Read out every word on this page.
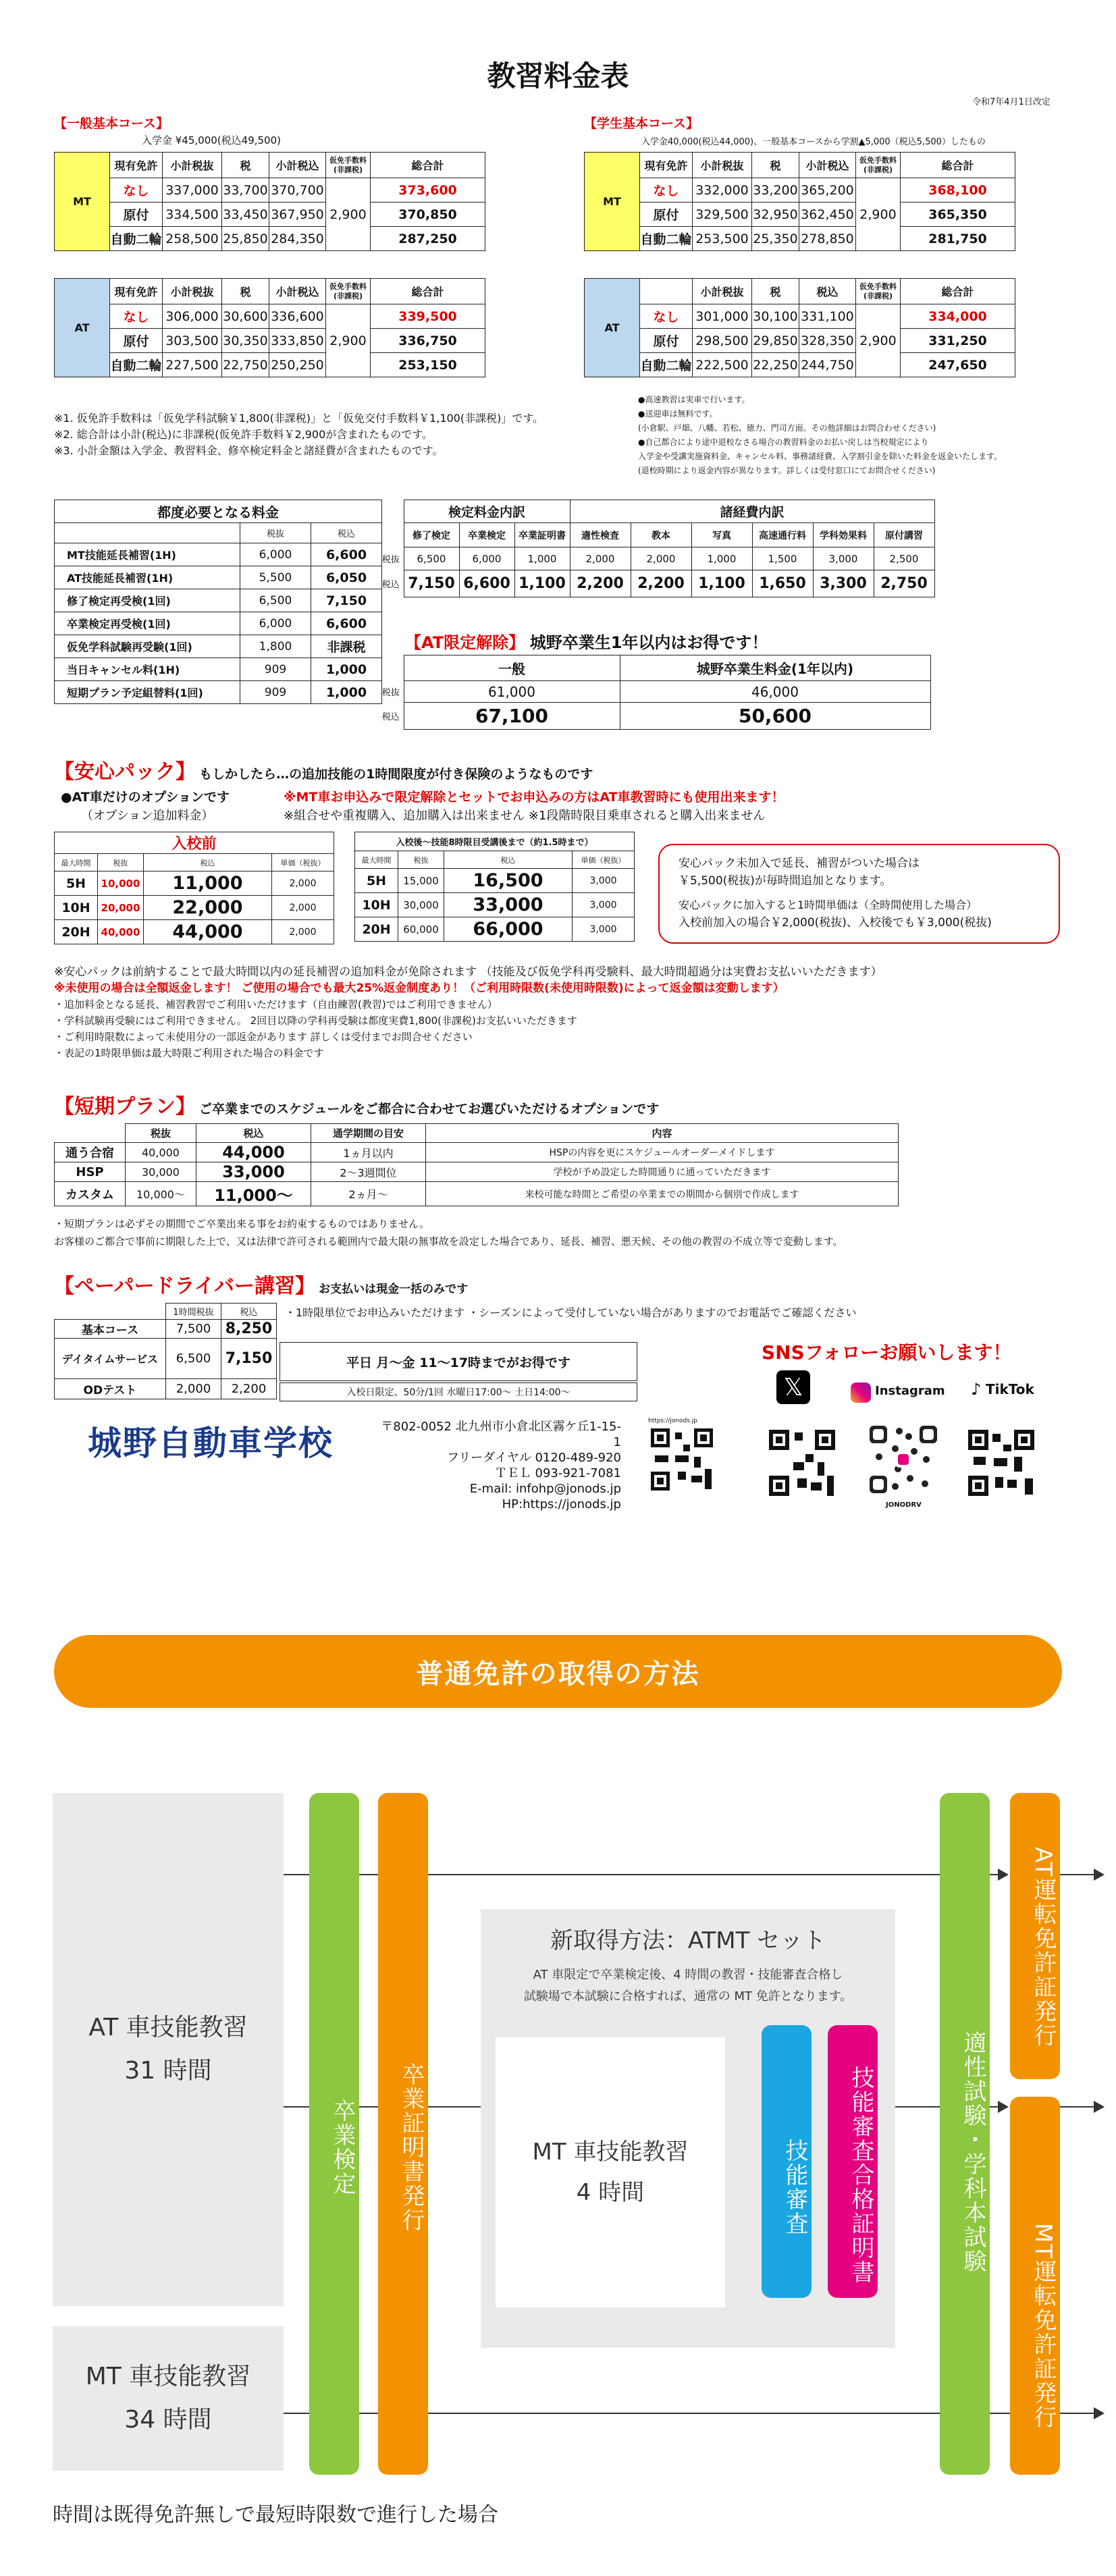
教習料金表
令和7年4月1日改定
【一般基本コース】
入学金 ¥45,000(税込49,500)
MT	現有免許	小計税抜	税	小計税込	仮免手数料(非課税)	総合計
	なし	337,000	33,700	370,700	2,900	373,600
	原付	334,500	33,450	367,950		370,850
	自動二輪	258,500	25,850	284,350		287,250
AT	現有免許	小計税抜	税	小計税込	仮免手数料(非課税)	総合計
	なし	306,000	30,600	336,600	2,900	339,500
	原付	303,500	30,350	333,850		336,750
	自動二輪	227,500	22,750	250,250		253,150
【学生基本コース】
入学金40,000(税込44,000)、一般基本コースから学割▲5,000（税込5,500）したもの
MT	現有免許	小計税抜	税	小計税込	仮免手数料(非課税)	総合計
	なし	332,000	33,200	365,200	2,900	368,100
	原付	329,500	32,950	362,450		365,350
	自動二輪	253,500	25,350	278,850		281,750
AT		小計税抜	税	税込	仮免手数料(非課税)	総合計
	なし	301,000	30,100	331,100	2,900	334,000
	原付	298,500	29,850	328,350		331,250
	自動二輪	222,500	22,250	244,750		247,650
※1. 仮免許手数料は「仮免学科試験￥1,800(非課税)」と「仮免交付手数料￥1,100(非課税)」です。
※2. 総合計は小計(税込)に非課税(仮免許手数料￥2,900が含まれたものです。
※3. 小計金額は入学金、教習料金、修卒検定料金と諸経費が含まれたものです。
●高速教習は実車で行います。
●送迎車は無料です。
(小倉駅、戸畑、八幡、若松、徳力、門司方面。その他詳細はお問合わせください)
●自己都合により途中退校なさる場合の教習料金のお払い戻しは当校規定により
入学金や受講実施資料金、キャンセル料、事務諸経費、入学割引金を除いた料金を返金いたします。
(退校時期により返金内容が異なります。詳しくは受付窓口にてお問合せください)
都度必要となる料金		
	税抜	税込
MT技能延長補習(1H)	6,000	6,600
AT技能延長補習(1H)	5,500	6,050
修了検定再受検(1回)	6,500	7,150
卒業検定再受検(1回)	6,000	6,600
仮免学科試験再受験(1回)	1,800	非課税
当日キャンセル料(1H)	909	1,000
短期プラン予定組替料(1回)	909	1,000
	検定料金内訳			諸経費内訳					
	修了検定	卒業検定	卒業証明書	適性検査	教本	写真	高速通行料	学科効果料	原付講習
税抜	6,500	6,000	1,000	2,000	2,000	1,000	1,500	3,000	2,500
税込	7,150	6,600	1,100	2,200	2,200	1,100	1,650	3,300	2,750
【AT限定解除】 城野卒業生1年以内はお得です！
	一般	城野卒業生料金(1年以内)
税抜	61,000	46,000
税込	67,100	50,600
【安心パック】 もしかしたら…の追加技能の1時間限度が付き保険のようなものです
●AT車だけのオプションです
（オプション追加料金）
※MT車お申込みで限定解除とセットでお申込みの方はAT車教習時にも使用出来ます！
※組合せや重複購入、追加購入は出来ません ※1段階時限目乗車されると購入出来ません
入校前			
最大時間	税抜	税込	単価（税抜）
5H	10,000	11,000	2,000
10H	20,000	22,000	2,000
20H	40,000	44,000	2,000
入校後～技能8時限目受講後まで（約1.5時まで）			
最大時間	税抜	税込	単価（税抜）
5H	15,000	16,500	3,000
10H	30,000	33,000	3,000
20H	60,000	66,000	3,000
安心パック未加入で延長、補習がついた場合は
￥5,500(税抜)が毎時間追加となります。
安心パックに加入すると1時間単価は（全時間使用した場合）
入校前加入の場合￥2,000(税抜)、入校後でも￥3,000(税抜)
※安心パックは前納することで最大時間以内の延長補習の追加料金が免除されます （技能及び仮免学科再受験料、最大時間超過分は実費お支払いいただきます）
※未使用の場合は全額返金します！ ご使用の場合でも最大25%返金制度あり！（ご利用時限数(未使用時限数)によって返金額は変動します）
・追加料金となる延長、補習教習でご利用いただけます（自由練習(教習)ではご利用できません）
・学科試験再受験にはご利用できません。 2回目以降の学科再受験は都度実費1,800(非課税)お支払いいただきます
・ご利用時限数によって未使用分の一部返金があります 詳しくは受付までお問合せください
・表記の1時限単価は最大時限ご利用された場合の料金です
【短期プラン】 ご卒業までのスケジュールをご都合に合わせてお選びいただけるオプションです
	税抜	税込	通学期間の目安	内容
通う合宿	40,000	44,000	1ヵ月以内	HSPの内容を更にスケジュールオーダーメイドします
HSP	30,000	33,000	2～3週間位	学校が予め設定した時間通りに通っていただきます
カスタム	10,000～	11,000～	2ヵ月～	来校可能な時間とご希望の卒業までの期間から個別で作成します
・短期プランは必ずその期間でご卒業出来る事をお約束するものではありません。
お客様のご都合で事前に期限した上で、又は法律で許可される範囲内で最大限の無事故を設定した場合であり、延長、補習、悪天候、その他の教習の不成立等で変動します。
【ペーパードライバー講習】 お支払いは現金一括のみです
	1時間税抜	税込
基本コース	7,500	8,250
デイタイムサービス	6,500	7,150
ODテスト	2,000	2,200
・1時限単位でお申込みいただけます ・シーズンによって受付していない場合がありますのでお電話でご確認ください
平日 月～金 11～17時までがお得です
入校日限定、50分/1回 水曜日17:00～ 土日14:00～
城野自動車学校	〒802-0052 北九州市小倉北区霧ケ丘1-15-1
フリーダイヤル 0120-489-920
ＴＥＬ 093-921-7081
E-mail: infohp@jonods.jp
HP:https://jonods.jp
https://jonods.jp
SNSフォローお願いします！
𝕏	Instagram ♪ TikTok
JONODRV
普通免許の取得の方法
AT 車技能教習
31 時間
MT 車技能教習
34 時間
新取得方法：ATMT セット
AT 車限定で卒業検定後、4 時間の教習・技能審査合格し
試験場で本試験に合格すれば、通常の MT 免許となります。
MT 車技能教習
4 時間
卒業検定	卒業証明書発行	技能審査	技能審査合格証明書	適性試験・学科本試験
AT運転免許証発行
MT運転免許証発行
時間は既得免許無しで最短時限数で進行した場合
